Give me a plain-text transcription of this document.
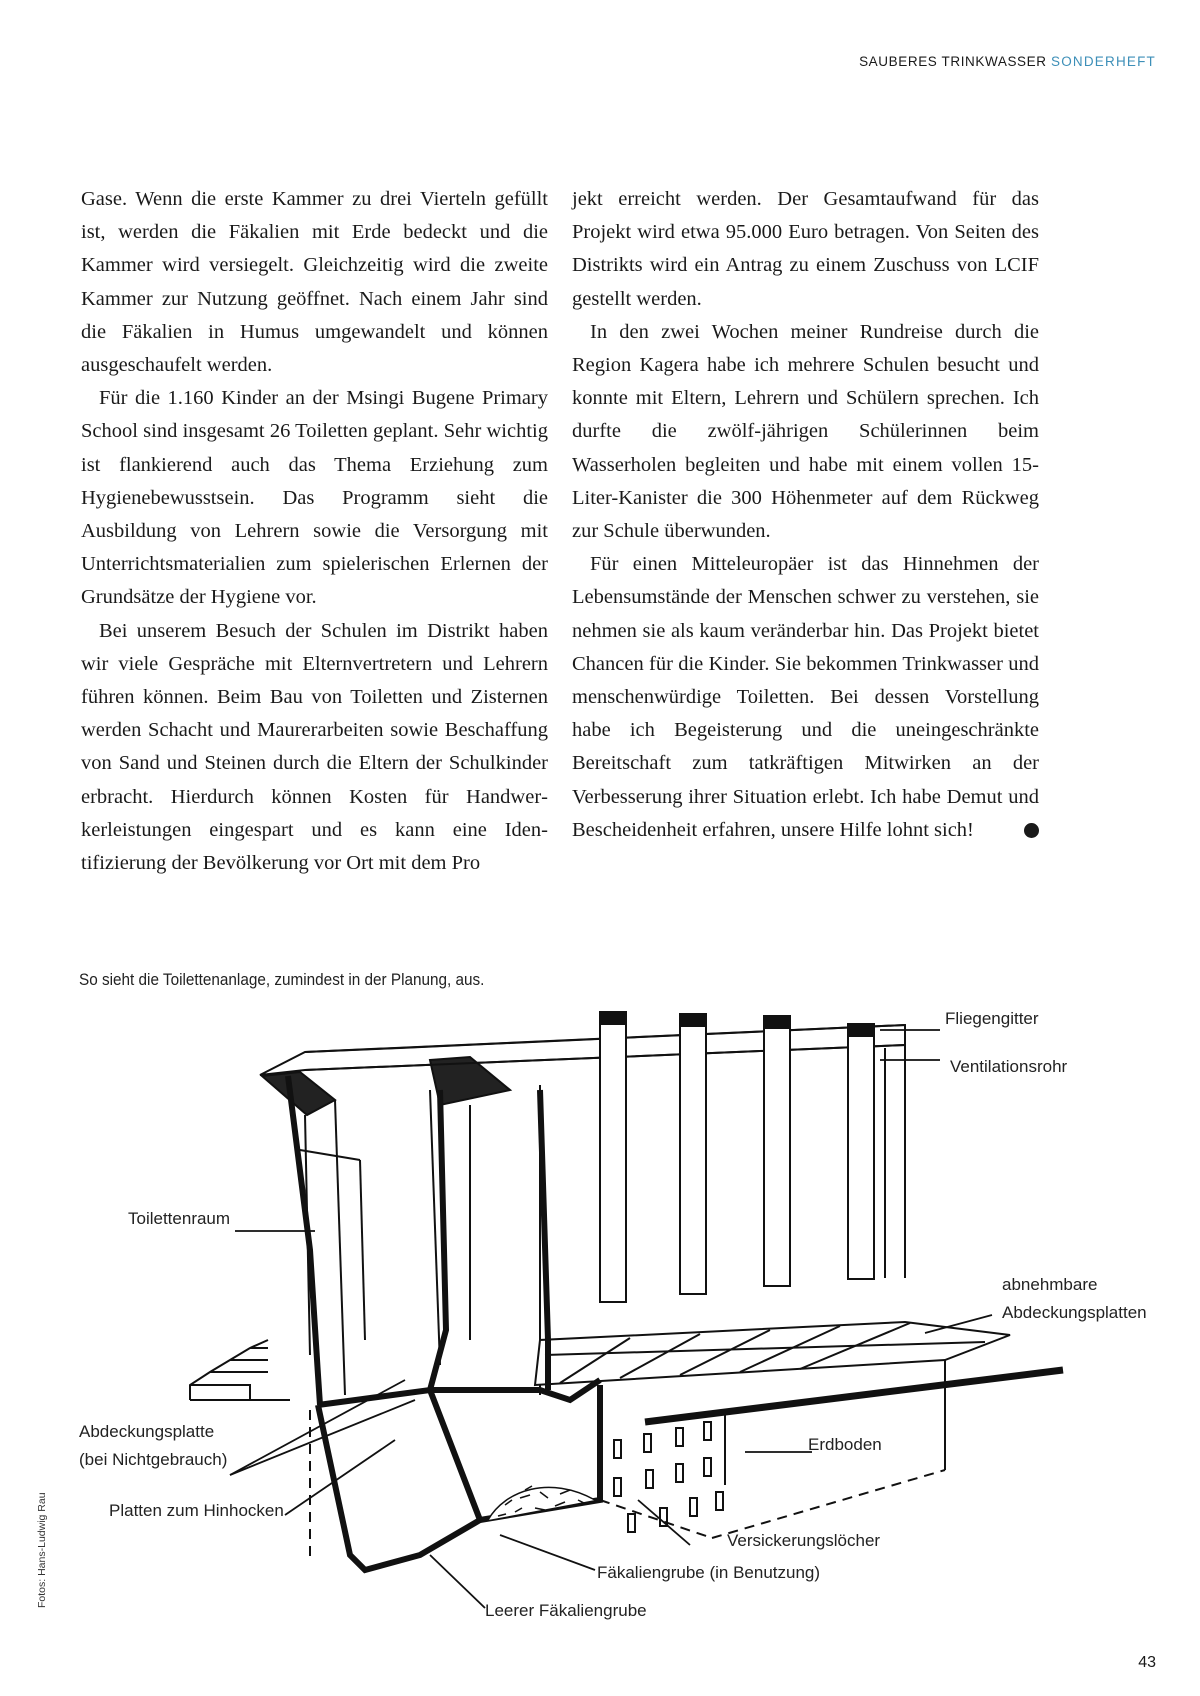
SAUBERES TRINKWASSER SONDERHEFT

Gase. Wenn die erste Kammer zu drei Vierteln gefüllt ist, werden die Fäkalien mit Erde bedeckt und die Kammer wird versiegelt. Gleichzeitig wird die zweite Kammer zur Nutzung geöffnet. Nach einem Jahr sind die Fäkalien in Humus umgewandelt und können ausgeschaufelt werden.

Für die 1.160 Kinder an der Msingi Bugene Primary School sind insgesamt 26 Toiletten geplant. Sehr wichtig ist flankierend auch das Thema Erziehung zum Hygienebewusstsein. Das Programm sieht die Ausbildung von Lehrern sowie die Versorgung mit Unterrichtsmaterialien zum spielerischen Erlernen der Grundsätze der Hygiene vor.

Bei unserem Besuch der Schulen im Distrikt haben wir viele Gespräche mit Elternvertretern und Lehrern führen können. Beim Bau von Toiletten und Zisternen werden Schacht und Maurerarbeiten sowie Beschaffung von Sand und Steinen durch die Eltern der Schulkinder erbracht. Hierdurch können Kosten für Handwerkerleistungen eingespart und es kann eine Identifizierung der Bevölkerung vor Ort mit dem Pro

jekt erreicht werden. Der Gesamtaufwand für das Projekt wird etwa 95.000 Euro betragen. Von Seiten des Distrikts wird ein Antrag zu einem Zuschuss von LCIF gestellt werden.

In den zwei Wochen meiner Rundreise durch die Region Kagera habe ich mehrere Schulen besucht und konnte mit Eltern, Lehrern und Schülern sprechen. Ich durfte die zwölf-jährigen Schülerinnen beim Wasserholen begleiten und habe mit einem vollen 15-Liter-Kanister die 300 Höhenmeter auf dem Rückweg zur Schule überwunden.

Für einen Mitteleuropäer ist das Hinnehmen der Lebensumstände der Menschen schwer zu verstehen, sie nehmen sie als kaum veränderbar hin. Das Projekt bietet Chancen für die Kinder. Sie bekommen Trinkwasser und menschenwürdige Toiletten. Bei dessen Vorstellung habe ich Begeisterung und die uneingeschränkte Bereitschaft zum tatkräftigen Mitwirken an der Verbesserung ihrer Situation erlebt. Ich habe Demut und Bescheidenheit erfahren, unsere Hilfe lohnt sich!	L

So sieht die Toilettenanlage, zumindest in der Planung, aus.
Fliegengitter
Ventilationsrohr
Toilettenraum
abnehmbare
Abdeckungsplatten
Abdeckungsplatte
(bei Nichtgebrauch)
Erdboden
Platten zum Hinhocken
Versickerungslöcher
Fäkaliengrube (in Benutzung)
Leerer Fäkaliengrube
Fotos: Hans-Ludwig Rau
43
